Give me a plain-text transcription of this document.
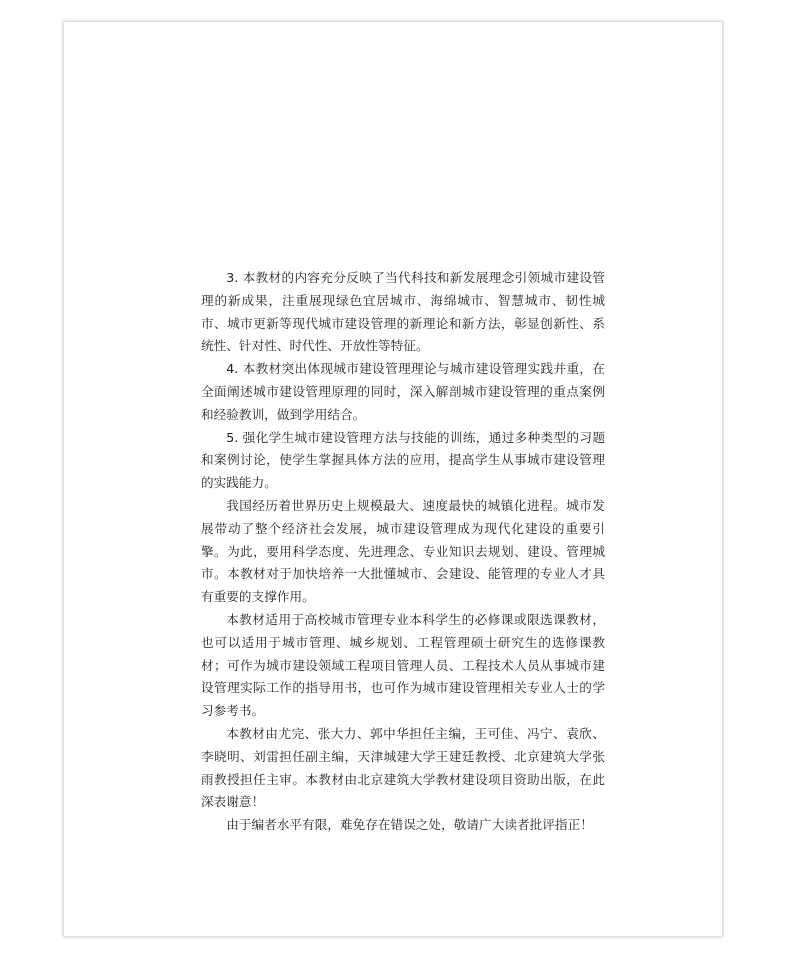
3. 本教材的内容充分反映了当代科技和新发展理念引领城市建设管理的新成果，注重展现绿色宜居城市、海绵城市、智慧城市、韧性城市、城市更新等现代城市建设管理的新理论和新方法，彰显创新性、系统性、针对性、时代性、开放性等特征。

4. 本教材突出体现城市建设管理理论与城市建设管理实践并重，在全面阐述城市建设管理原理的同时，深入解剖城市建设管理的重点案例和经验教训，做到学用结合。

5. 强化学生城市建设管理方法与技能的训练，通过多种类型的习题和案例讨论，使学生掌握具体方法的应用，提高学生从事城市建设管理的实践能力。

我国经历着世界历史上规模最大、速度最快的城镇化进程。城市发展带动了整个经济社会发展，城市建设管理成为现代化建设的重要引擎。为此，要用科学态度、先进理念、专业知识去规划、建设、管理城市。本教材对于加快培养一大批懂城市、会建设、能管理的专业人才具有重要的支撑作用。

本教材适用于高校城市管理专业本科学生的必修课或限选课教材，也可以适用于城市管理、城乡规划、工程管理硕士研究生的选修课教材；可作为城市建设领域工程项目管理人员、工程技术人员从事城市建设管理实际工作的指导用书，也可作为城市建设管理相关专业人士的学习参考书。

本教材由尤完、张大力、郭中华担任主编，王可佳、冯宁、袁欣、李晓明、刘雷担任副主编，天津城建大学王建廷教授、北京建筑大学张雨教授担任主审。本教材由北京建筑大学教材建设项目资助出版，在此深表谢意！

由于编者水平有限，难免存在错误之处，敬请广大读者批评指正！
